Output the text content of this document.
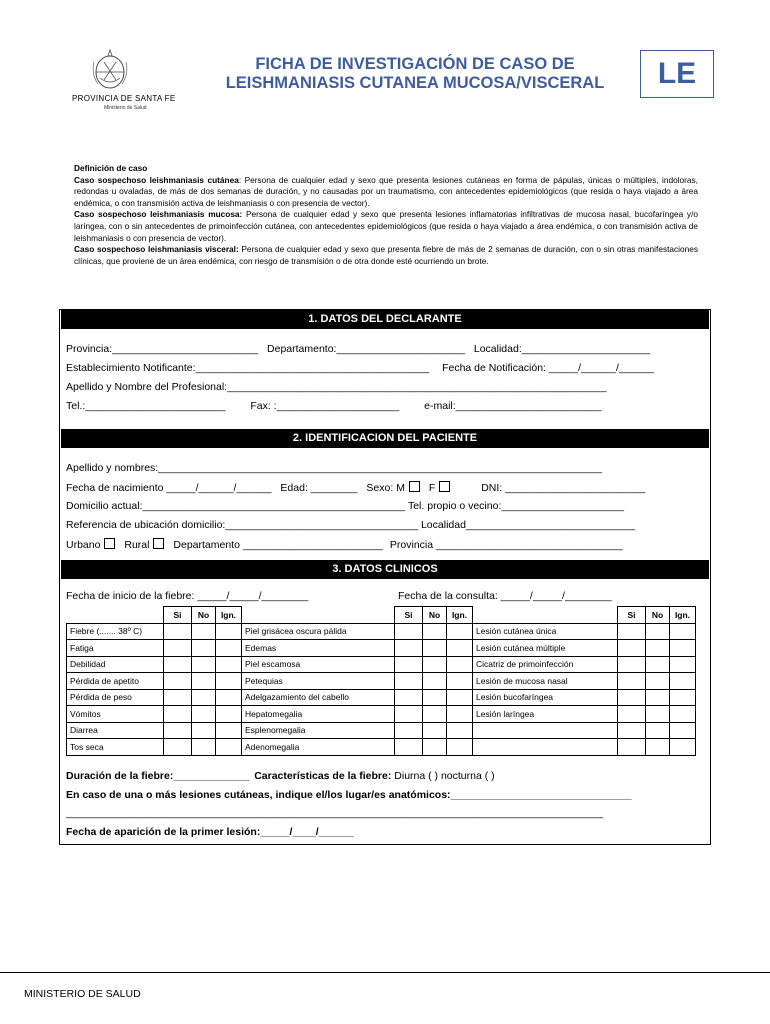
PROVINCIA DE SANTA FE
Ministerio de Salud
FICHA DE INVESTIGACIÓN DE CASO DE
LEISHMANIASIS CUTANEA MUCOSA/VISCERAL	LE

Definición de caso

Caso sospechoso leishmaniasis cutánea: Persona de cualquier edad y sexo que presenta lesiones cutáneas en forma de pápulas, únicas o múltiples, indoloras, redondas u ovaladas, de más de dos semanas de duración, y no causadas por un traumatismo, con antecedentes epidemiológicos (que resida o haya viajado a área endémica, o con transmisión activa de leishmaniasis o con presencia de vector).

Caso sospechoso leishmaniasis mucosa: Persona de cualquier edad y sexo que presenta lesiones inflamatorias infiltrativas de mucosa nasal, bucofaríngea y/o laríngea, con o sin antecedentes de primoinfección cutánea, con antecedentes epidemiológicos (que resida o haya viajado a área endémica, o con transmisión activa de leishmaniasis o con presencia de vector).

Caso sospechoso leishmaniasis visceral: Persona de cualquier edad y sexo que presenta fiebre de más de 2 semanas de duración, con o sin otras manifestaciones clínicas, que proviene de un área endémica, con riesgo de transmisión o de otra donde esté ocurriendo un brote.

1. DATOS DEL DECLARANTE
Provincia:_________________________ Departamento:______________________ Localidad:______________________
Establecimiento Notificante:________________________________________ Fecha de Notificación: _____/______/______
Apellido y Nombre del Profesional:_________________________________________________________________
Tel.:________________________ Fax: :_____________________ e-mail:_________________________
2. IDENTIFICACION DEL PACIENTE
Apellido y nombres:____________________________________________________________________________
Fecha de nacimiento _____/______/______ Edad: ________ Sexo: M F	DNI: ________________________
Domicilio actual:_____________________________________________ Tel. propio o vecino:_____________________
Referencia de ubicación domicilio:_________________________________ Localidad_____________________________
Urbano Rural Departamento ________________________ Provincia ________________________________
3. DATOS CLINICOS
Fecha de inicio de la fiebre: _____/_____/________	Fecha de la consulta: _____/_____/________
	Si	No	Ign.		Si	No	Ign.		Si	No	Ign.
Fiebre (....... 38º C)				Piel grisácea oscura pálida				Lesión cutánea única			
Fatiga				Edemas				Lesión cutánea múltiple			
Debilidad				Piel escamosa				Cicatriz de primoinfección			
Pérdida de apetito				Petequias				Lesión de mucosa nasal			
Pérdida de peso				Adelgazamiento del cabello				Lesión bucofaríngea			
Vómitos				Hepatomegalia				Lesión laríngea			
Diarrea				Esplenomegalia							
Tos seca				Adenomegalia							
Duración de la fiebre:_____________ Características de la fiebre: Diurna ( ) nocturna ( )
En caso de una o más lesiones cutáneas, indique el/los lugar/es anatómicos:_______________________________
____________________________________________________________________________________________
Fecha de aparición de la primer lesión:_____/____/______
MINISTERIO DE SALUD
